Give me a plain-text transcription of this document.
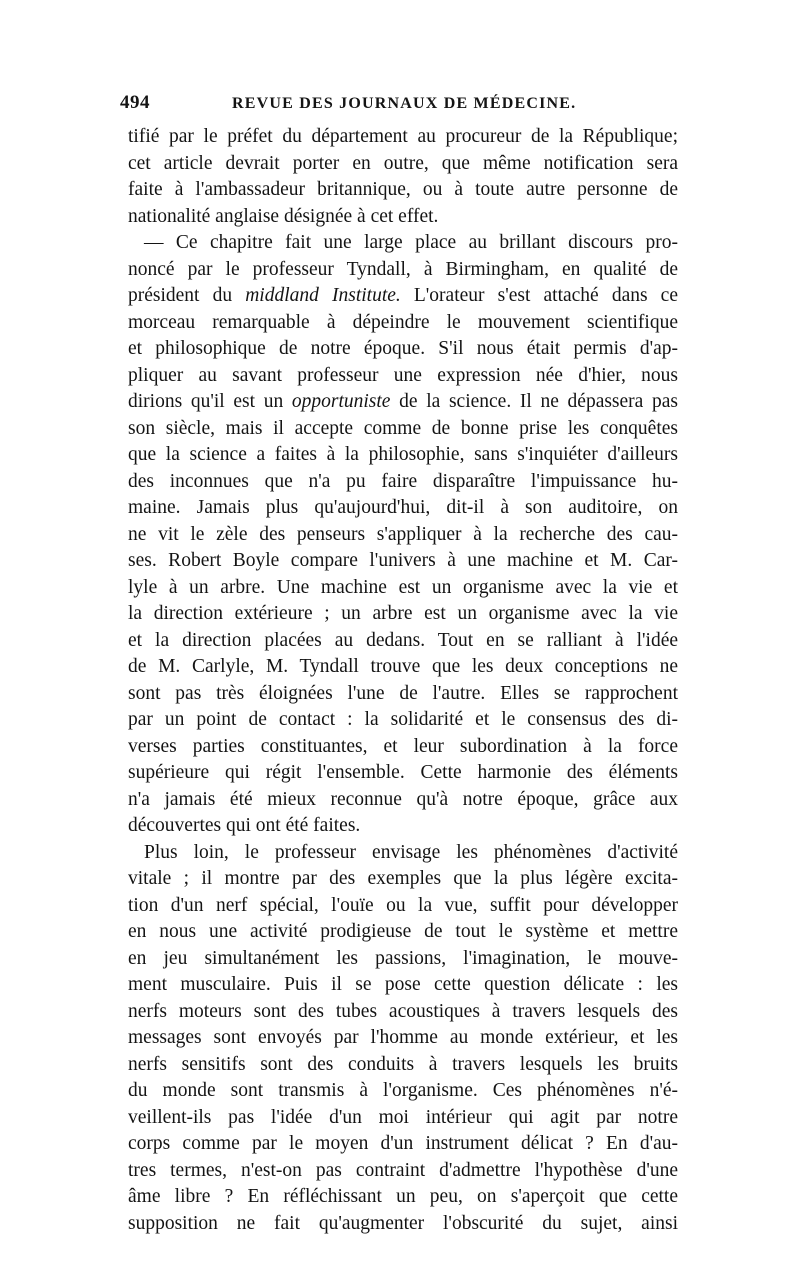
494	REVUE DES JOURNAUX DE MÉDECINE.
tifié par le préfet du département au procureur de la République;
cet article devrait porter en outre, que même notification sera
faite à l'ambassadeur britannique, ou à toute autre personne de
nationalité anglaise désignée à cet effet.
— Ce chapitre fait une large place au brillant discours pro-
noncé par le professeur Tyndall, à Birmingham, en qualité de
président du middland Institute. L'orateur s'est attaché dans ce
morceau remarquable à dépeindre le mouvement scientifique
et philosophique de notre époque. S'il nous était permis d'ap-
pliquer au savant professeur une expression née d'hier, nous
dirions qu'il est un opportuniste de la science. Il ne dépassera pas
son siècle, mais il accepte comme de bonne prise les conquêtes
que la science a faites à la philosophie, sans s'inquiéter d'ailleurs
des inconnues que n'a pu faire disparaître l'impuissance hu-
maine. Jamais plus qu'aujourd'hui, dit-il à son auditoire, on
ne vit le zèle des penseurs s'appliquer à la recherche des cau-
ses. Robert Boyle compare l'univers à une machine et M. Car-
lyle à un arbre. Une machine est un organisme avec la vie et
la direction extérieure ; un arbre est un organisme avec la vie
et la direction placées au dedans. Tout en se ralliant à l'idée
de M. Carlyle, M. Tyndall trouve que les deux conceptions ne
sont pas très éloignées l'une de l'autre. Elles se rapprochent
par un point de contact : la solidarité et le consensus des di-
verses parties constituantes, et leur subordination à la force
supérieure qui régit l'ensemble. Cette harmonie des éléments
n'a jamais été mieux reconnue qu'à notre époque, grâce aux
découvertes qui ont été faites.
Plus loin, le professeur envisage les phénomènes d'activité
vitale ; il montre par des exemples que la plus légère excita-
tion d'un nerf spécial, l'ouïe ou la vue, suffit pour développer
en nous une activité prodigieuse de tout le système et mettre
en jeu simultanément les passions, l'imagination, le mouve-
ment musculaire. Puis il se pose cette question délicate : les
nerfs moteurs sont des tubes acoustiques à travers lesquels des
messages sont envoyés par l'homme au monde extérieur, et les
nerfs sensitifs sont des conduits à travers lesquels les bruits
du monde sont transmis à l'organisme. Ces phénomènes n'é-
veillent-ils pas l'idée d'un moi intérieur qui agit par notre
corps comme par le moyen d'un instrument délicat ? En d'au-
tres termes, n'est-on pas contraint d'admettre l'hypothèse d'une
âme libre ? En réfléchissant un peu, on s'aperçoit que cette
supposition ne fait qu'augmenter l'obscurité du sujet, ainsi
